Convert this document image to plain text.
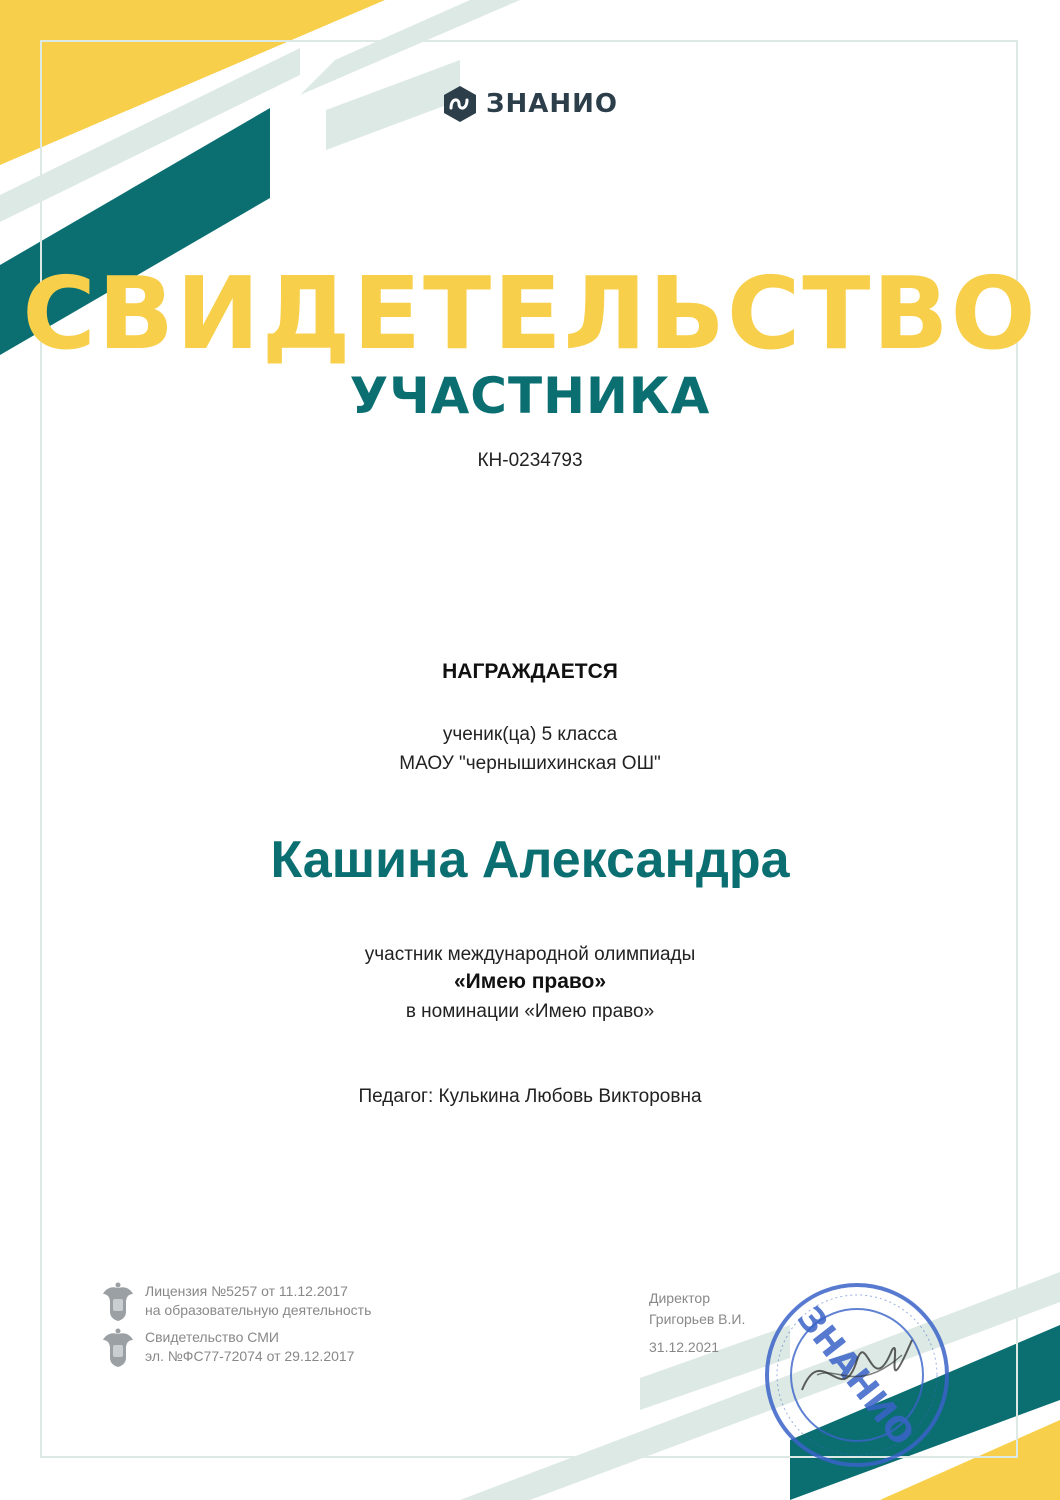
ЗНАНИО
СВИДЕТЕЛЬСТВО
УЧАСТНИКА
КН-0234793
НАГРАЖДАЕТСЯ
ученик(ца) 5 класса
МАОУ "чернышихинская ОШ"
Кашина Александра
участник международной олимпиады
«Имею право»
в номинации «Имею право»
Педагог: Кулькина Любовь Викторовна
Лицензия №5257 от 11.12.2017
на образовательную деятельность
Свидетельство СМИ
эл. №ФС77-72074 от 29.12.2017
Директор
Григорьев В.И.
31.12.2021 ЗНАНИО
